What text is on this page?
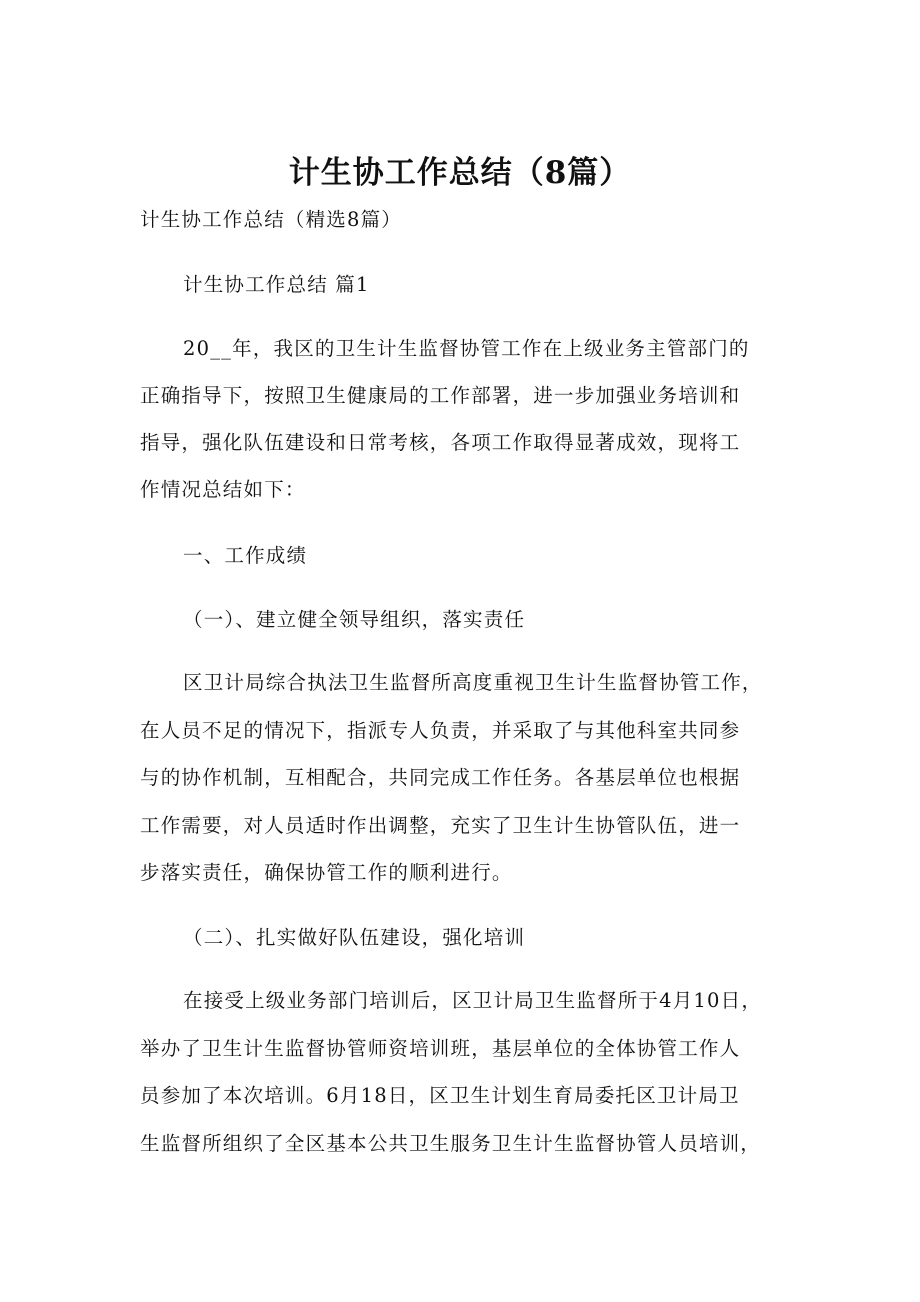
计生协工作总结（8篇）
计生协工作总结（精选8篇）
计生协工作总结 篇1
20__年，我区的卫生计生监督协管工作在上级业务主管部门的
正确指导下，按照卫生健康局的工作部署，进一步加强业务培训和
指导，强化队伍建设和日常考核，各项工作取得显著成效，现将工
作情况总结如下：
一、工作成绩
（一）、建立健全领导组织，落实责任
区卫计局综合执法卫生监督所高度重视卫生计生监督协管工作，
在人员不足的情况下，指派专人负责，并采取了与其他科室共同参
与的协作机制，互相配合，共同完成工作任务。各基层单位也根据
工作需要，对人员适时作出调整，充实了卫生计生协管队伍，进一
步落实责任，确保协管工作的顺利进行。
（二）、扎实做好队伍建设，强化培训
在接受上级业务部门培训后，区卫计局卫生监督所于4月10日，
举办了卫生计生监督协管师资培训班，基层单位的全体协管工作人
员参加了本次培训。6月18日，区卫生计划生育局委托区卫计局卫
生监督所组织了全区基本公共卫生服务卫生计生监督协管人员培训，
